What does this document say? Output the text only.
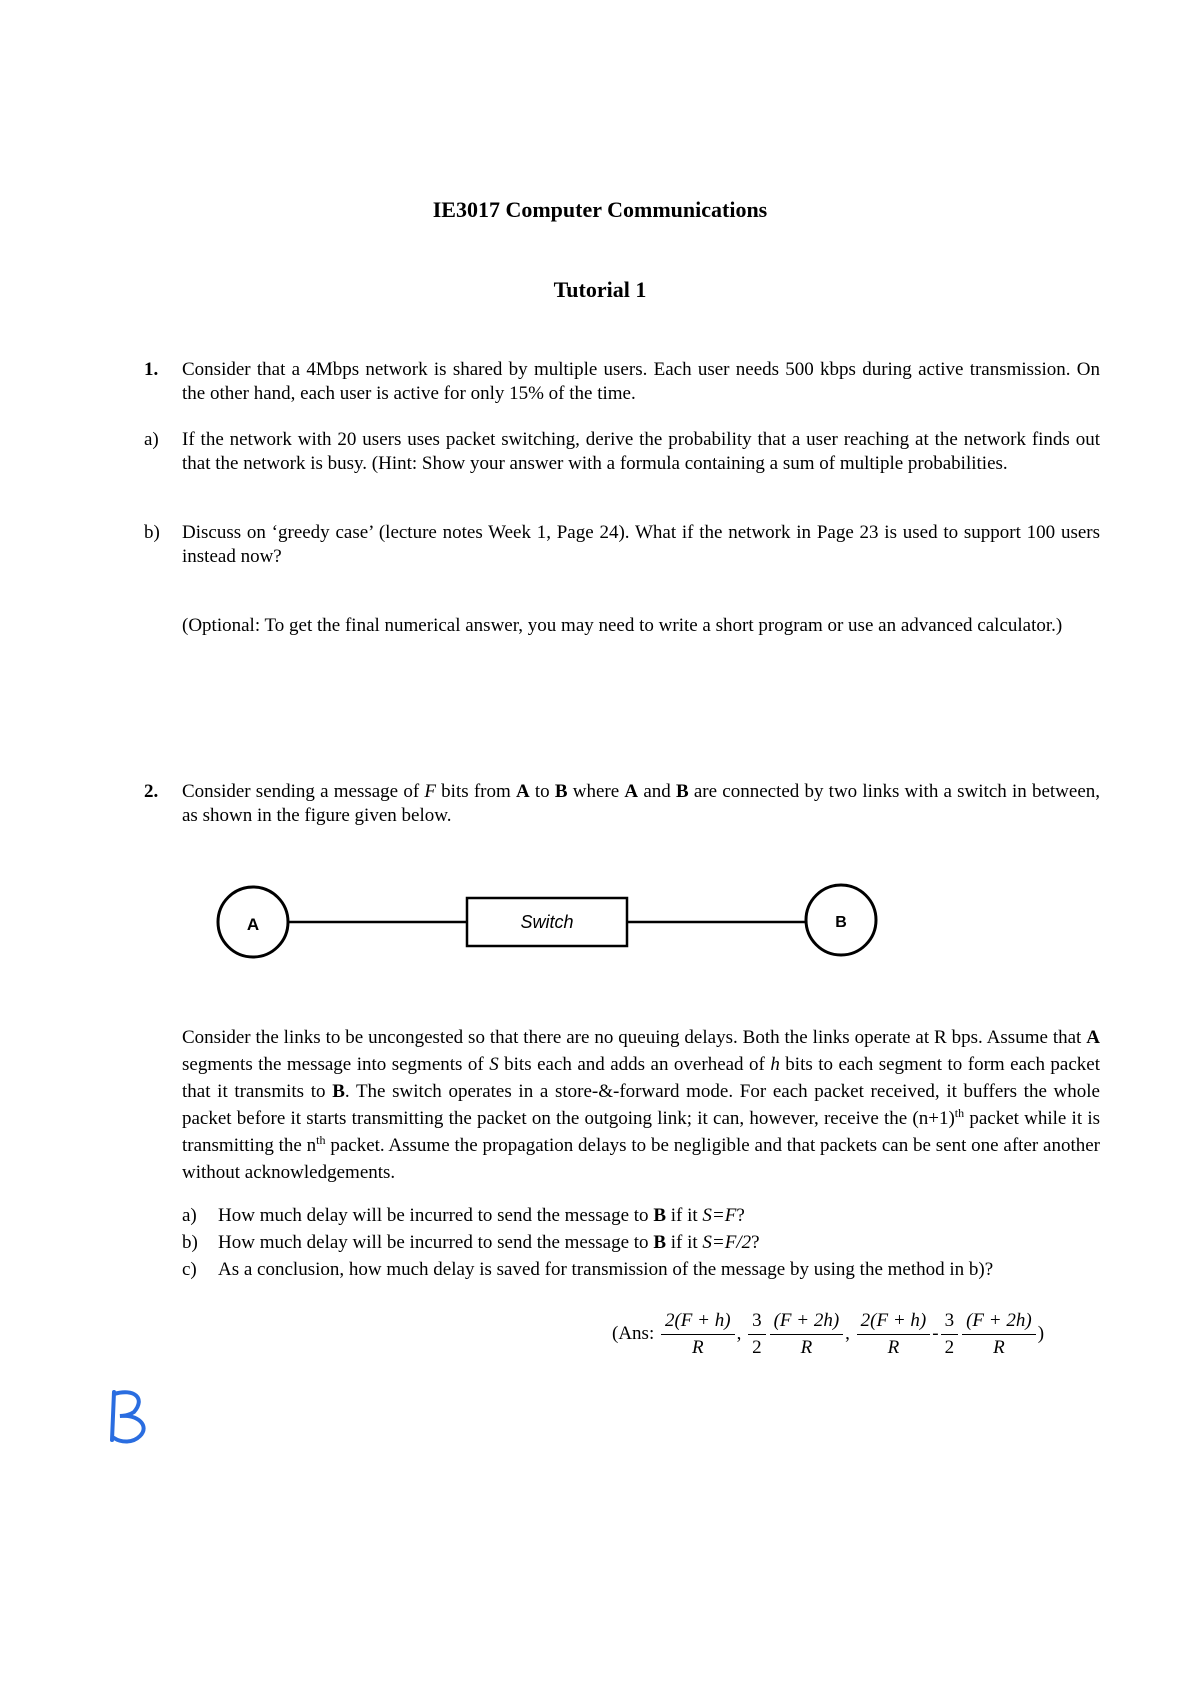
IE3017 Computer Communications
Tutorial 1
1. Consider that a 4Mbps network is shared by multiple users. Each user needs 500 kbps during active transmission. On the other hand, each user is active for only 15% of the time.
a) If the network with 20 users uses packet switching, derive the probability that a user reaching at the network finds out that the network is busy. (Hint: Show your answer with a formula containing a sum of multiple probabilities.
b) Discuss on ‘greedy case’ (lecture notes Week 1, Page 24). What if the network in Page 23 is used to support 100 users instead now?
(Optional: To get the final numerical answer, you may need to write a short program or use an advanced calculator.)
2. Consider sending a message of F bits from A to B where A and B are connected by two links with a switch in between, as shown in the figure given below.
A	Switch	B
Consider the links to be uncongested so that there are no queuing delays. Both the links operate at R bps. Assume that A segments the message into segments of S bits each and adds an overhead of h bits to each segment to form each packet that it transmits to B. The switch operates in a store-&-forward mode. For each packet received, it buffers the whole packet before it starts transmitting the packet on the outgoing link; it can, however, receive the $(n+1)^{th}$ packet while it is transmitting the $n^{th}$ packet. Assume the propagation delays to be negligible and that packets can be sent one after another without acknowledgements.
a) How much delay will be incurred to send the message to B if it S=F?
b) How much delay will be incurred to send the message to B if it S=F/2?
c) As a conclusion, how much delay is saved for transmission of the message by using the method in b)?
(Ans: $\frac{2(F + h)}{R}$ , $\frac{3}{2} \frac{(F + 2h)}{R}$ , $\frac{2(F + h)}{R} - \frac{3}{2} \frac{(F + 2h)}{R}$ )
